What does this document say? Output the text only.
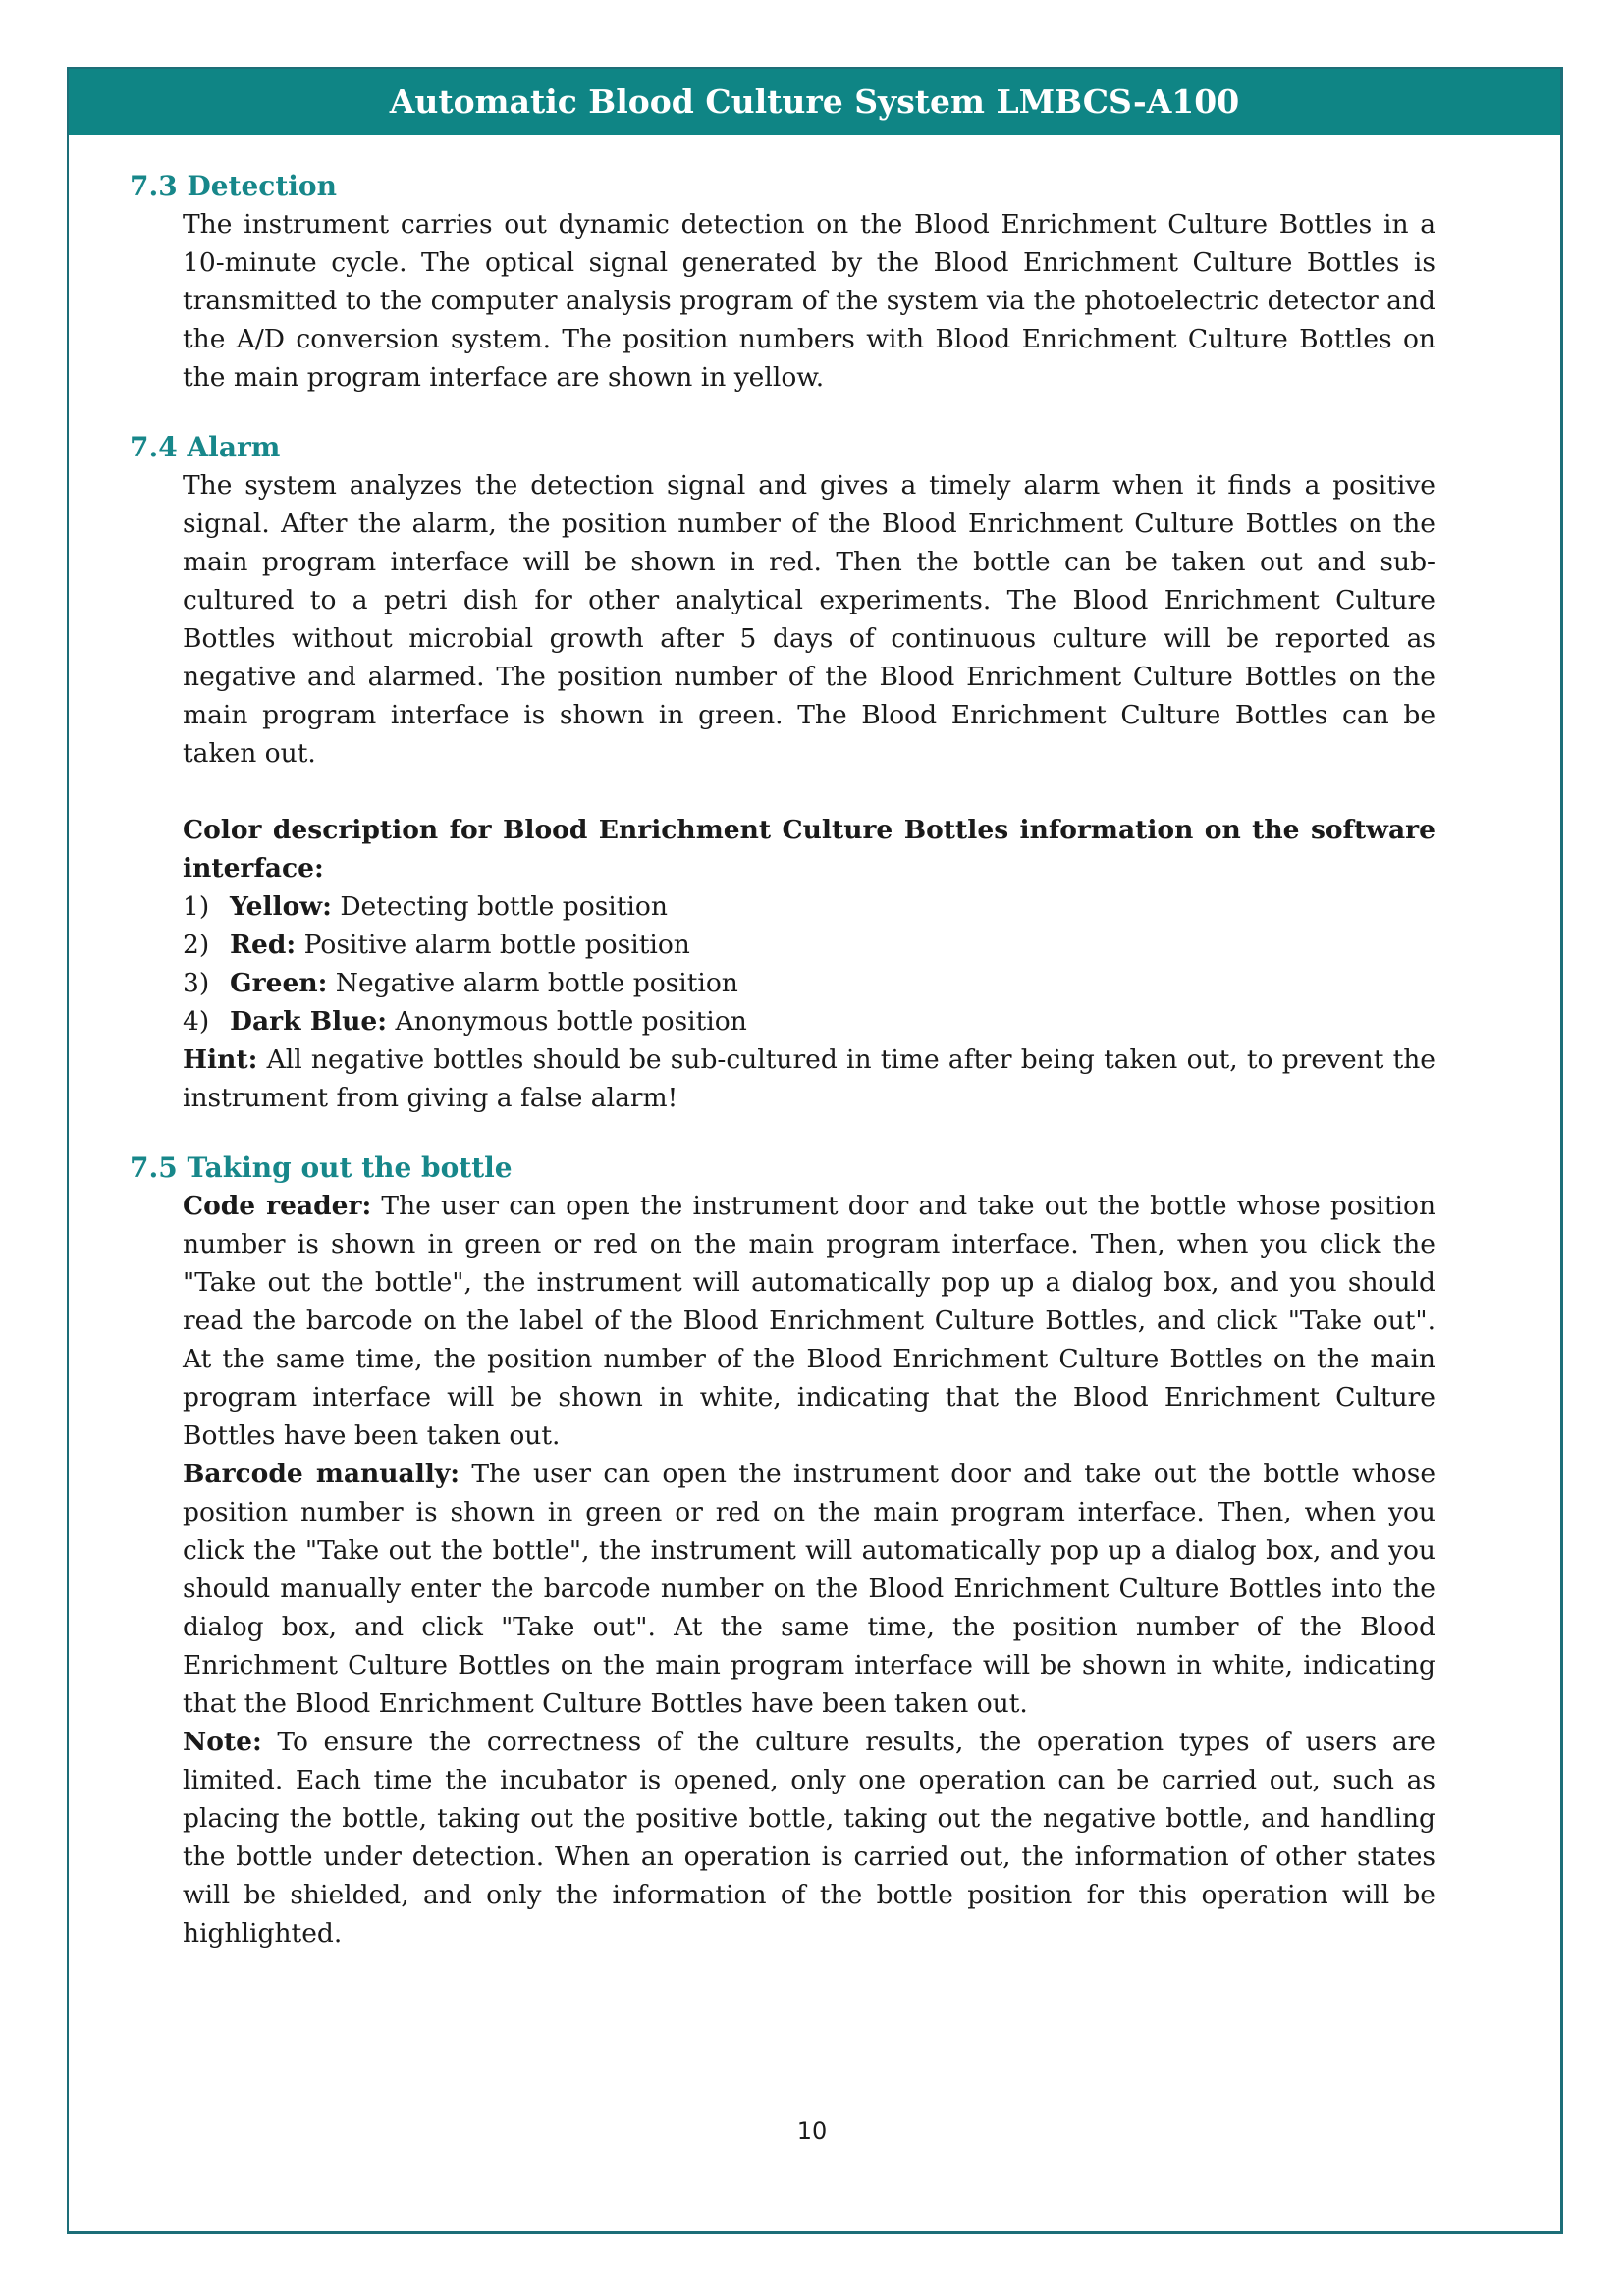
Automatic Blood Culture System LMBCS-A100
7.3 Detection

The instrument carries out dynamic detection on the Blood Enrichment Culture Bottles in a 10-minute cycle. The optical signal generated by the Blood Enrichment Culture Bottles is transmitted to the computer analysis program of the system via the photoelectric detector and the A/D conversion system. The position numbers with Blood Enrichment Culture Bottles on the main program interface are shown in yellow.

7.4 Alarm

The system analyzes the detection signal and gives a timely alarm when it finds a positive signal. After the alarm, the position number of the Blood Enrichment Culture Bottles on the main program interface will be shown in red. Then the bottle can be taken out and sub-cultured to a petri dish for other analytical experiments. The Blood Enrichment Culture Bottles without microbial growth after 5 days of continuous culture will be reported as negative and alarmed. The position number of the Blood Enrichment Culture Bottles on the main program interface is shown in green. The Blood Enrichment Culture Bottles can be taken out.

Color description for Blood Enrichment Culture Bottles information on the software interface:

1) Yellow: Detecting bottle position
2) Red: Positive alarm bottle position
3) Green: Negative alarm bottle position
4) Dark Blue: Anonymous bottle position

Hint: All negative bottles should be sub-cultured in time after being taken out, to prevent the instrument from giving a false alarm!

7.5 Taking out the bottle

Code reader: The user can open the instrument door and take out the bottle whose position number is shown in green or red on the main program interface. Then, when you click the "Take out the bottle", the instrument will automatically pop up a dialog box, and you should read the barcode on the label of the Blood Enrichment Culture Bottles, and click "Take out". At the same time, the position number of the Blood Enrichment Culture Bottles on the main program interface will be shown in white, indicating that the Blood Enrichment Culture Bottles have been taken out.

Barcode manually: The user can open the instrument door and take out the bottle whose position number is shown in green or red on the main program interface. Then, when you click the "Take out the bottle", the instrument will automatically pop up a dialog box, and you should manually enter the barcode number on the Blood Enrichment Culture Bottles into the dialog box, and click "Take out". At the same time, the position number of the Blood Enrichment Culture Bottles on the main program interface will be shown in white, indicating that the Blood Enrichment Culture Bottles have been taken out.

Note: To ensure the correctness of the culture results, the operation types of users are limited. Each time the incubator is opened, only one operation can be carried out, such as placing the bottle, taking out the positive bottle, taking out the negative bottle, and handling the bottle under detection. When an operation is carried out, the information of other states will be shielded, and only the information of the bottle position for this operation will be highlighted.

10
